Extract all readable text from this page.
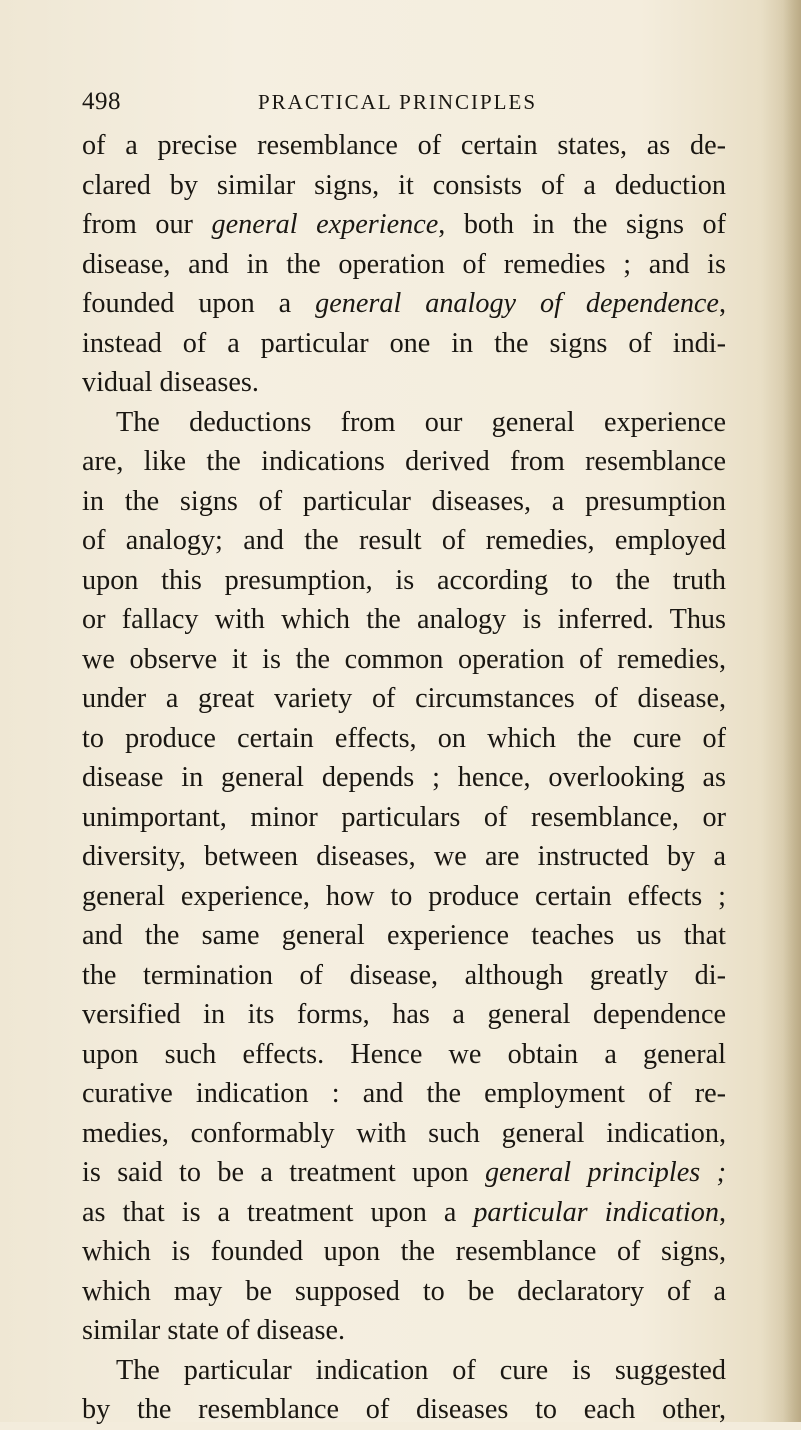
498	PRACTICAL PRINCIPLES
of a precise resemblance of certain states, as de-
clared by similar signs, it consists of a deduction
from our general experience, both in the signs of
disease, and in the operation of remedies ; and is
founded upon a general analogy of dependence,
instead of a particular one in the signs of indi-
vidual diseases.
The deductions from our general experience
are, like the indications derived from resemblance
in the signs of particular diseases, a presumption
of analogy; and the result of remedies, employed
upon this presumption, is according to the truth
or fallacy with which the analogy is inferred. Thus
we observe it is the common operation of remedies,
under a great variety of circumstances of disease,
to produce certain effects, on which the cure of
disease in general depends ; hence, overlooking as
unimportant, minor particulars of resemblance, or
diversity, between diseases, we are instructed by a
general experience, how to produce certain effects ;
and the same general experience teaches us that
the termination of disease, although greatly di-
versified in its forms, has a general dependence
upon such effects. Hence we obtain a general
curative indication : and the employment of re-
medies, conformably with such general indication,
is said to be a treatment upon general principles ;
as that is a treatment upon a particular indication,
which is founded upon the resemblance of signs,
which may be supposed to be declaratory of a
similar state of disease.
The particular indication of cure is suggested
by the resemblance of diseases to each other,
